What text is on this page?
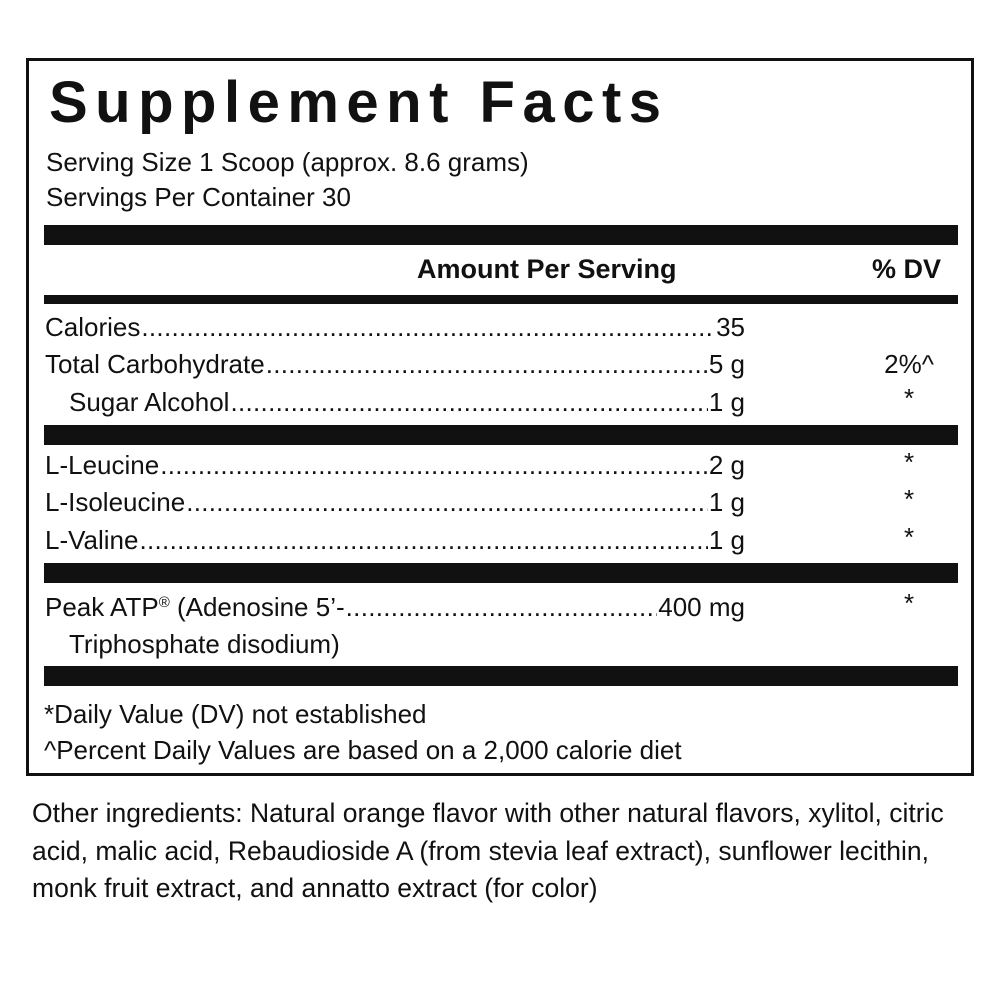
Supplement Facts
Serving Size 1 Scoop (approx. 8.6 grams)
Servings Per Container 30
Amount Per Serving	% DV
Calories .....	35
Total Carbohydrate .....	5 g	2%^
Sugar Alcohol .....	1 g	*
L-Leucine .....	2 g	*
L-Isoleucine .....	1 g	*
L-Valine .....	1 g	*
Peak ATP® (Adenosine 5’- .....	400 mg	*
Triphosphate disodium)
*Daily Value (DV) not established
^Percent Daily Values are based on a 2,000 calorie diet

Other ingredients: Natural orange flavor with other natural flavors, xylitol, citric acid, malic acid, Rebaudioside A (from stevia leaf extract), sunflower lecithin, monk fruit extract, and annatto extract (for color)
